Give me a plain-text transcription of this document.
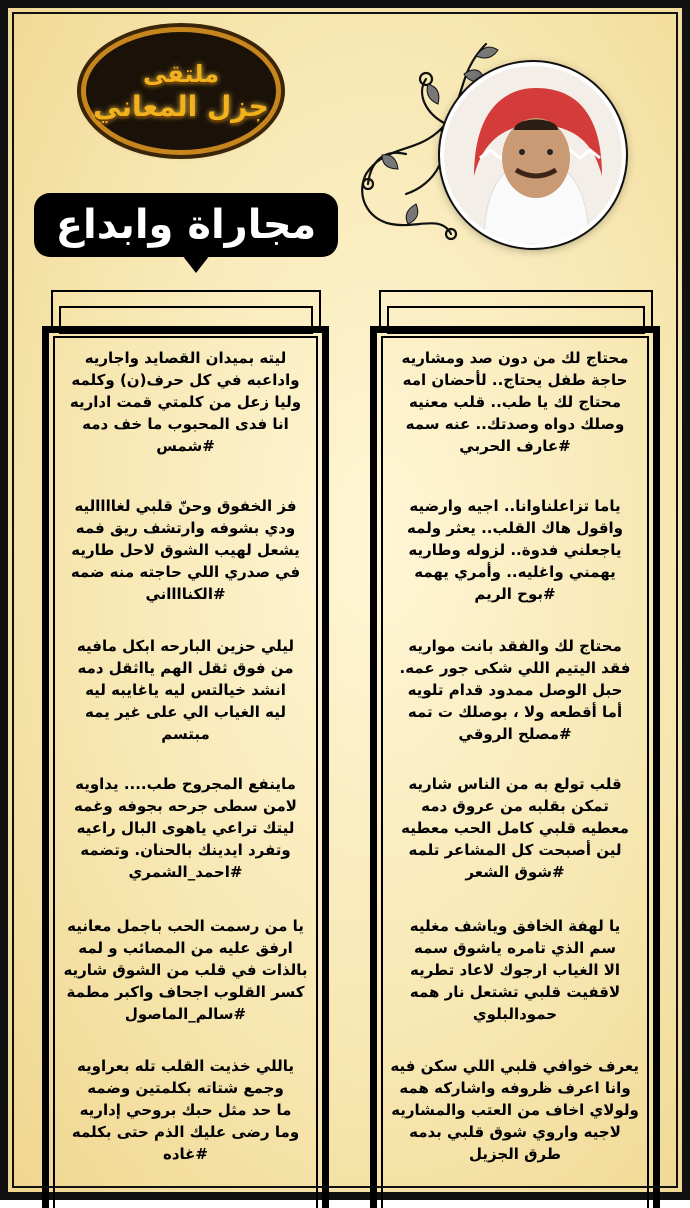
ملتقى
جزل المعاني
مجاراة وابداع
ليته بميدان القصايد واجاريه
واداعبه في كل حرف(ن) وكلمه
وليا زعل من كلمتي قمت اداريه
انا فدى المحبوب ما خف دمه
#شمس
فز الخفوق وحنّ قلبي لغااااليه
ودي بشوفه وارتشف ريق فمه
يشعل لهيب الشوق لاحل طاريه
في صدري اللي حاجته منه ضمه
#الكنااااني
ليلي حزين البارحه ابكل مافيه
من فوق ثقل الهم يااثقل دمه
انشد خيالتس ليه ياغايبه ليه
ليه الغياب الي على غير يمه
مبتسم
ماينفع المجروح طب.... يداويه
لامن سطى جرحه بجوفه وغمه
ليتك تراعي ياهوى البال راعيه
وتفرد ايدينك بالحنان. وتضمه
#احمد_الشمري
يا من رسمت الحب باجمل معانيه
ارفق عليه من المصائب و لمه
بالذات في قلب من الشوق شاريه
كسر القلوب اجحاف واكبر مطمة
#سالم_الماصول
ياللي خذيت القلب تله بعراويه
وجمع شتاته بكلمتين وضمه
ما حد مثل حبك بروحي إداريه
وما رضى عليك الذم حتى بكلمه
#غاده
محتاج لك من دون صد ومشاريه
حاجة طفل يحتاج.. لأحضان امه
محتاج لك يا طب.. قلب معنيه
وصلك دواه وصدتك.. عنه سمه
#عارف الحربي
ياما تزاعلناوانا.. اجيه وارضيه
واقول هاك القلب.. يعثر ولمه
ياجعلني فدوة.. لزوله وطاريه
يهمني واغليه.. وأمري يهمه
#بوح الريم
محتاج لك والفقد بانت مواريه
فقد اليتيم اللي شكى جور عمه.
حبل الوصل ممدود قدام تلويه
أما أقطعه ولا ، بوصلك ت تمه
#مصلح الروقي
قلب تولع به من الناس شاريه
تمكن بقلبه من عروق دمه
معطيه قلبي كامل الحب معطيه
لين أصبحت كل المشاعر تلمه
#شوق الشعر
يا لهفة الخافق وياشف مغليه
سم الذي تامره ياشوق سمه
الا الغياب ارجوك لاعاد تطريه
لاقفيت قلبي تشتعل نار همه
حمودالبلوي
يعرف خوافي قلبي اللي سكن فيه
وانا اعرف ظروفه واشاركه همه
ولولاي اخاف من العتب والمشاريه
لاجيه واروي شوق قلبي بدمه
طرق الجزيل
